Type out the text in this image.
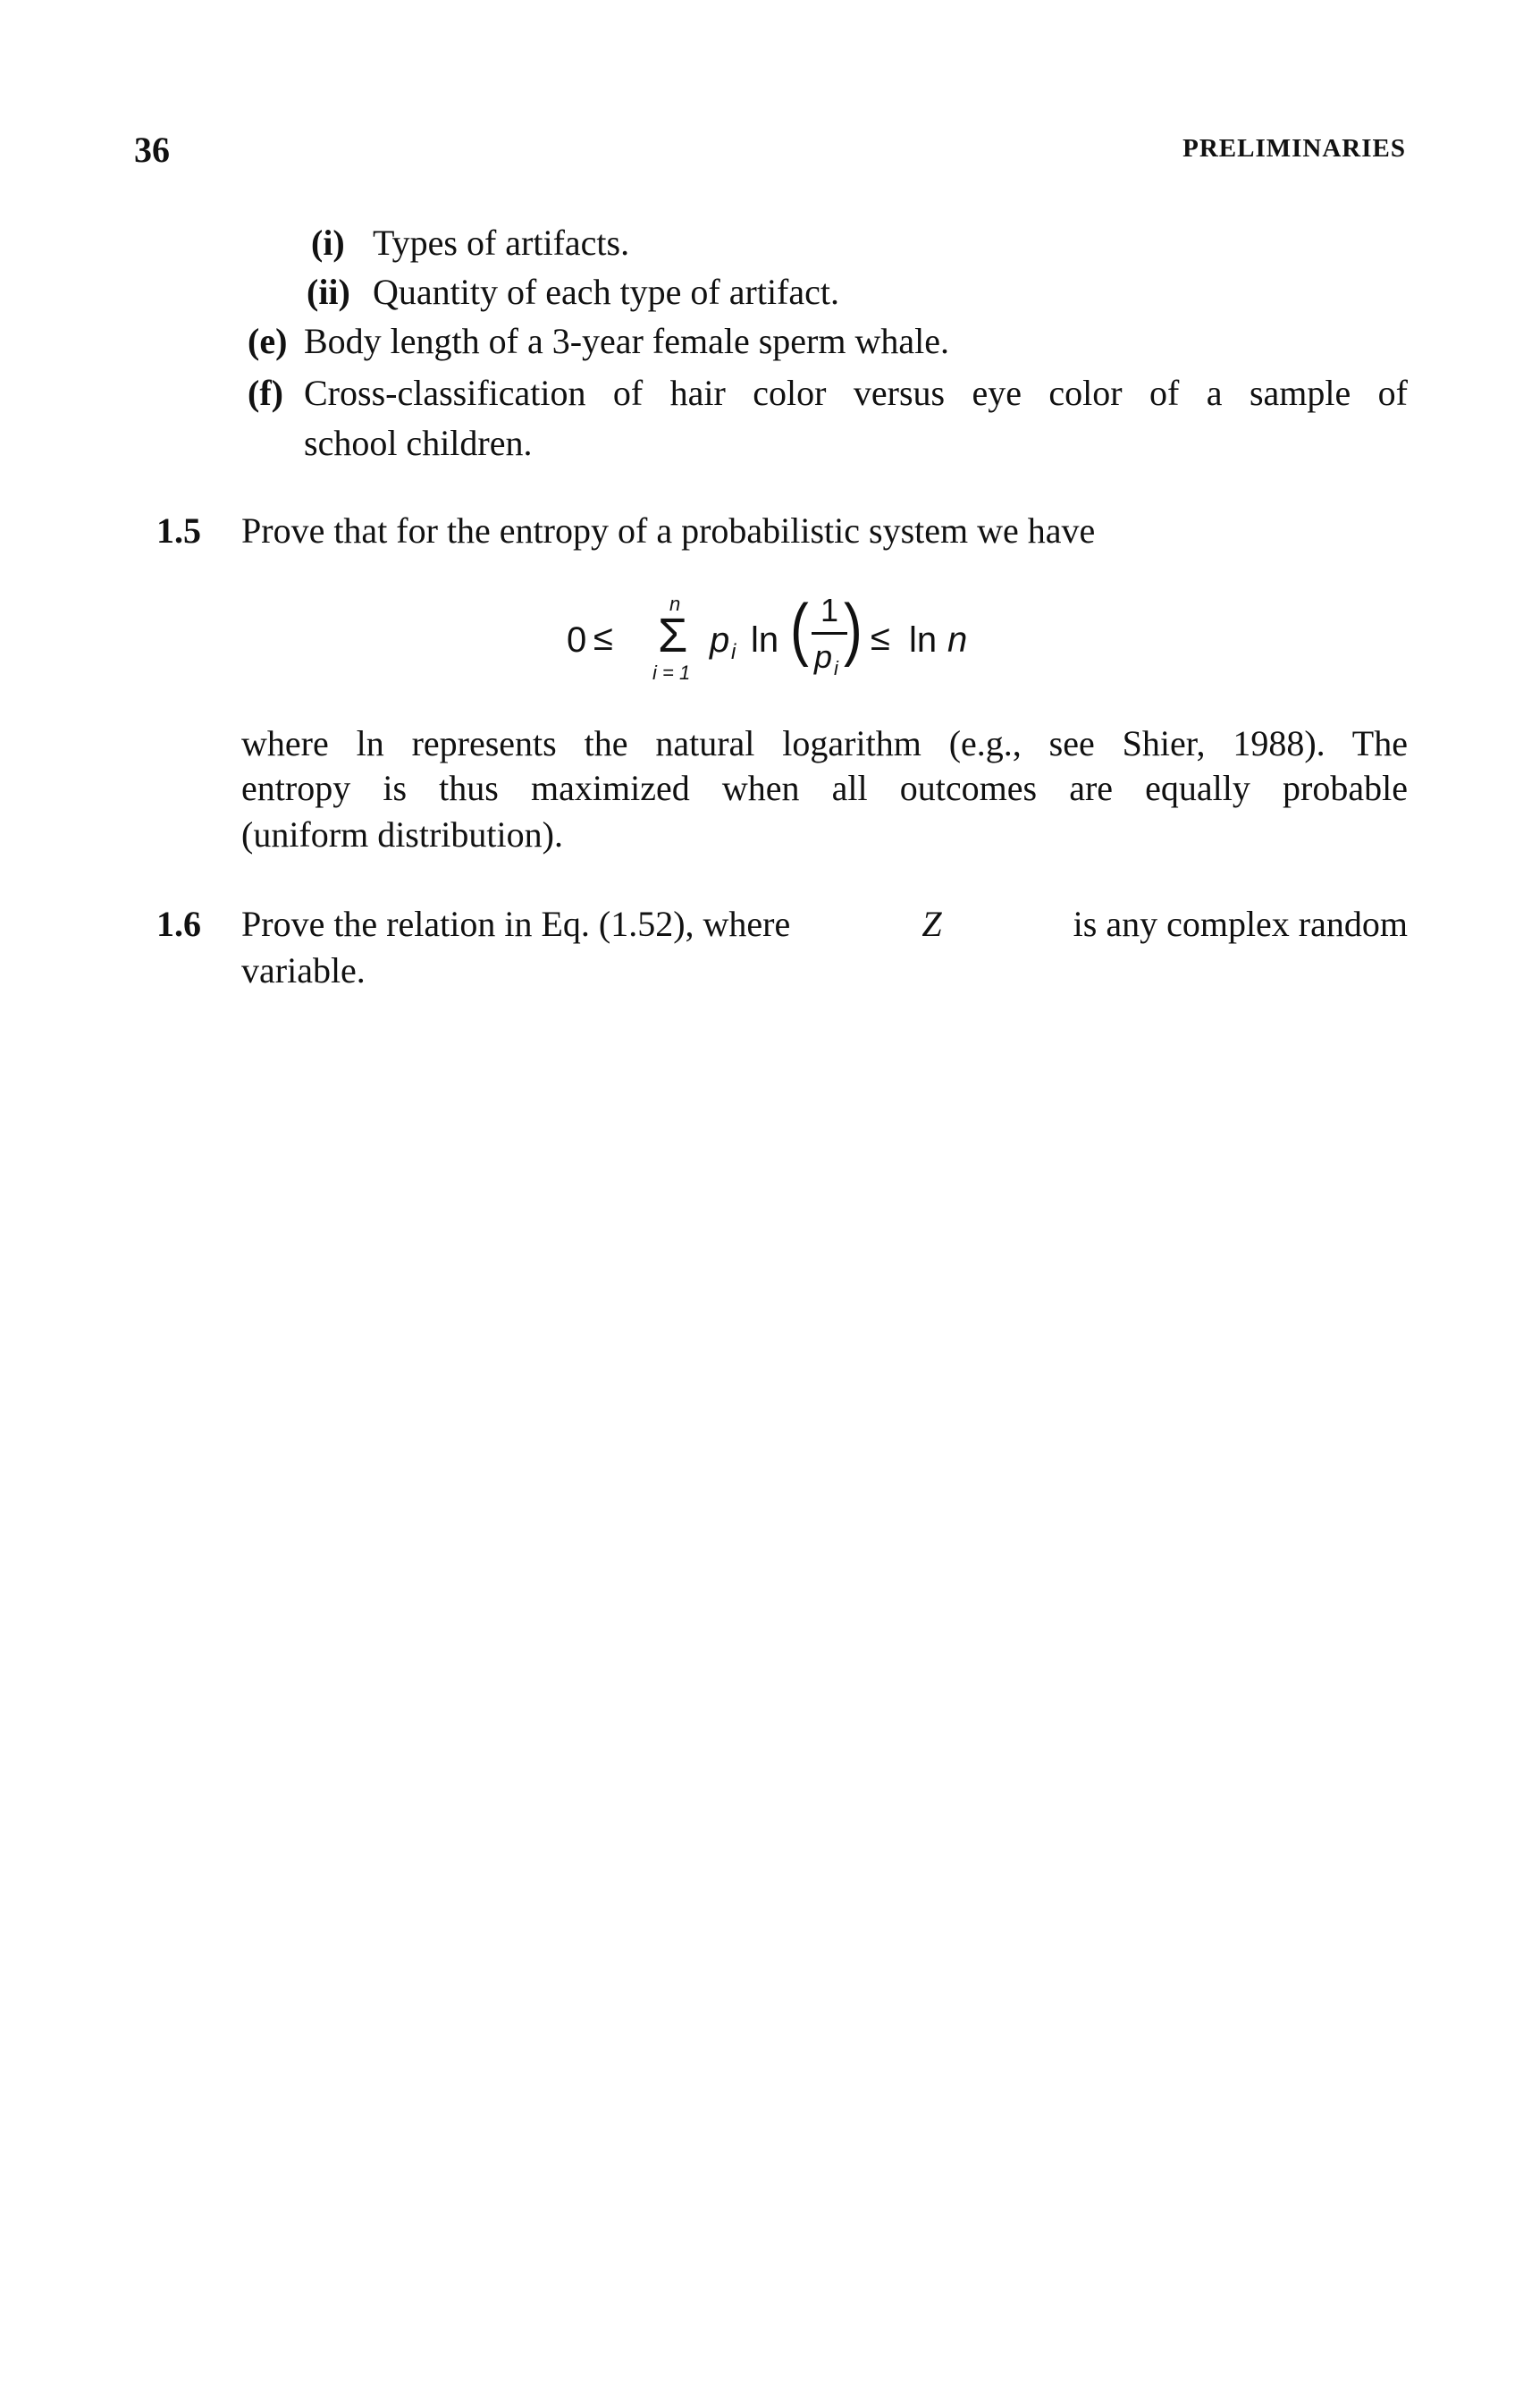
36	PRELIMINARIES
(i) Types of artifacts.
(ii) Quantity of each type of artifact.
(e) Body length of a 3-year female sperm whale.
(f) Cross-classification of hair color versus eye color of a sample of
school children.
1.5 Prove that for the entropy of a probabilistic system we have
0 ≤
n
Σ
i = 1
p i ln ( 1
p i
) ≤ ln n
where ln represents the natural logarithm (e.g., see Shier, 1988). The
entropy is thus maximized when all outcomes are equally probable
(uniform distribution).
1.6 Prove the relation in Eq. (1.52), where	Z	is any complex random
variable.
